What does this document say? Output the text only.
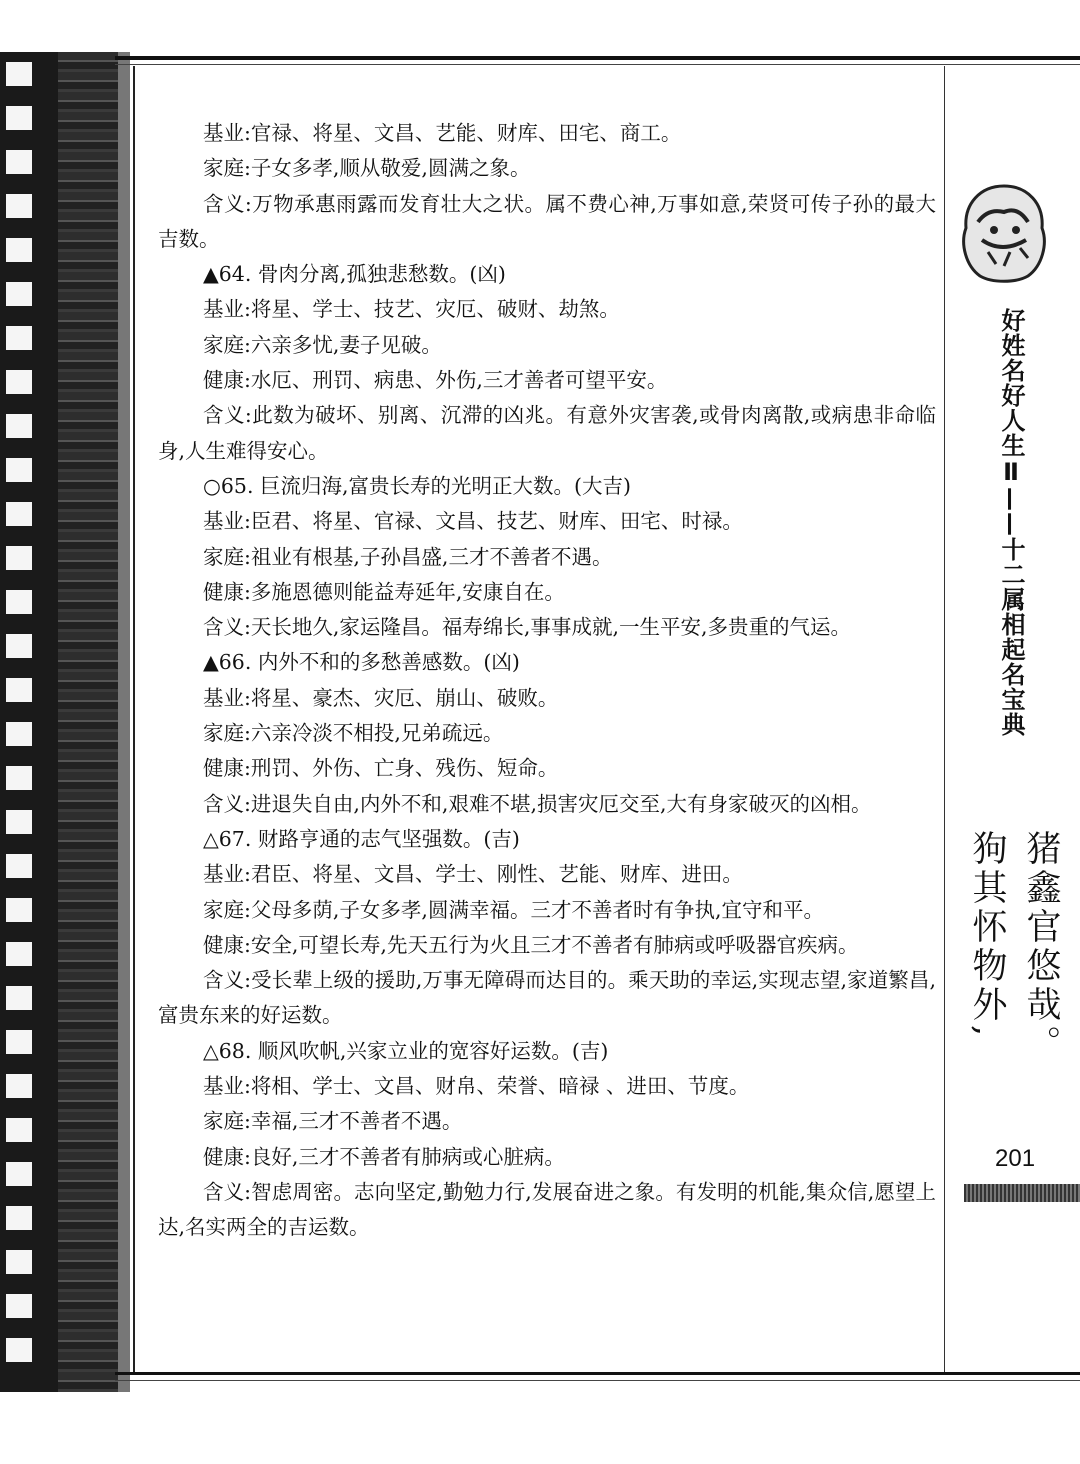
基业:官禄、将星、文昌、艺能、财库、田宅、商工。

家庭:子女多孝,顺从敬爱,圆满之象。

含义:万物承惠雨露而发育壮大之状。属不费心神,万事如意,荣贤可传子孙的最大吉数。

▲64. 骨肉分离,孤独悲愁数。(凶)

基业:将星、学士、技艺、灾厄、破财、劫煞。

家庭:六亲多忧,妻子见破。

健康:水厄、刑罚、病患、外伤,三才善者可望平安。

含义:此数为破坏、别离、沉滞的凶兆。有意外灾害袭,或骨肉离散,或病患非命临身,人生难得安心。

○65. 巨流归海,富贵长寿的光明正大数。(大吉)

基业:臣君、将星、官禄、文昌、技艺、财库、田宅、时禄。

家庭:祖业有根基,子孙昌盛,三才不善者不遇。

健康:多施恩德则能益寿延年,安康自在。

含义:天长地久,家运隆昌。福寿绵长,事事成就,一生平安,多贵重的气运。

▲66. 内外不和的多愁善感数。(凶)

基业:将星、豪杰、灾厄、崩山、破败。

家庭:六亲冷淡不相投,兄弟疏远。

健康:刑罚、外伤、亡身、残伤、短命。

含义:进退失自由,内外不和,艰难不堪,损害灾厄交至,大有身家破灭的凶相。

△67. 财路亨通的志气坚强数。(吉)

基业:君臣、将星、文昌、学士、刚性、艺能、财库、进田。

家庭:父母多荫,子女多孝,圆满幸福。三才不善者时有争执,宜守和平。

健康:安全,可望长寿,先天五行为火且三才不善者有肺病或呼吸器官疾病。

含义:受长辈上级的援助,万事无障碍而达目的。乘天助的幸运,实现志望,家道繁昌,富贵东来的好运数。

△68. 顺风吹帆,兴家立业的宽容好运数。(吉)

基业:将相、学士、文昌、财帛、荣誉、暗禄 、进田、节度。

家庭:幸福,三才不善者不遇。

健康:良好,三才不善者有肺病或心脏病。

含义:智虑周密。志向坚定,勤勉力行,发展奋进之象。有发明的机能,集众信,愿望上达,名实两全的吉运数。

好姓名好人生Ⅱ——十二属相起名宝典
猪鑫官悠哉。
狗其怀物外,
201
